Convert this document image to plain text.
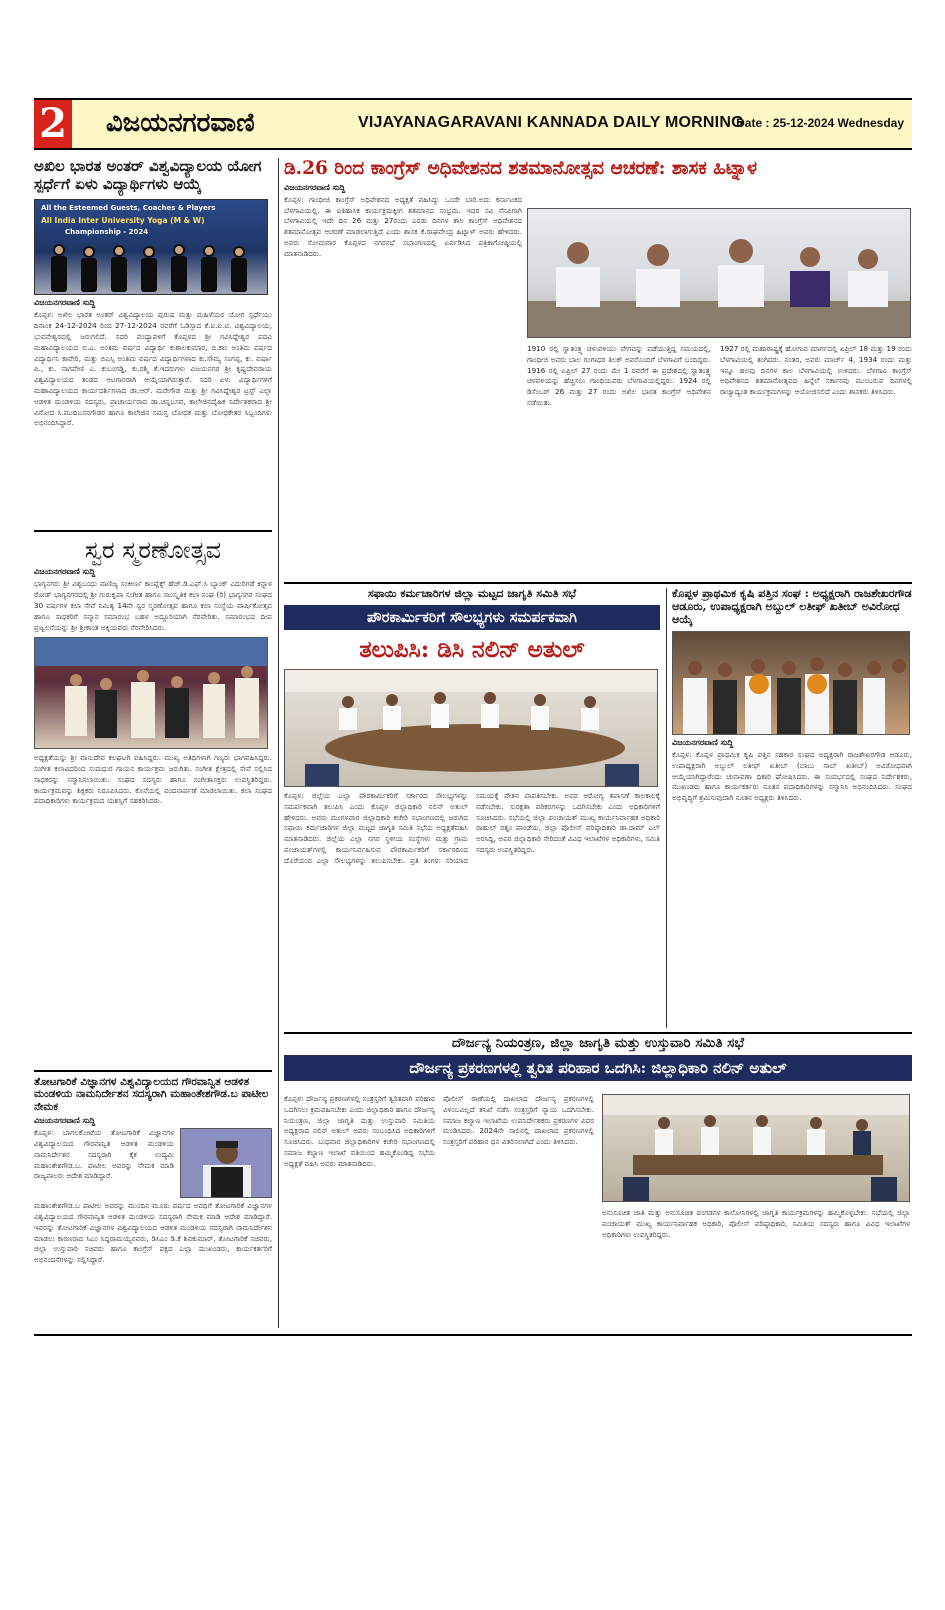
2 ವಿಜಯನಗರವಾಣಿ	VIJAYANAGARAVANI KANNADA DAILY MORNING
Date : 25-12-2024 Wednesday
ಅಖಿಲ ಭಾರತ ಅಂತರ್ ವಿಶ್ವವಿದ್ಯಾಲಯ ಯೋಗ ಸ್ಪರ್ಧೆಗೆ ಏಳು ವಿದ್ಯಾರ್ಥಿಗಳು ಆಯ್ಕೆ
All the Esteemed Guests, Coaches & Players
All India Inter University Yoga (M & W)
Championship - 2024
ವಿಜಯನಗರವಾಣಿ ಸುದ್ದಿ
ಕೊಪ್ಪಳ: ಅಖಿಲ ಭಾರತ ಅಂತರ್ ವಿಶ್ವವಿದ್ಯಾಲಯ ಪುರುಷ ಮತ್ತು ಮಹಿಳೆಯರ ಯೋಗ ಸ್ಪರ್ಧೆಯು ದಿನಾಂಕ 24-12-2024 ರಿಂದ 27-12-2024 ರವರೆಗೆ ಓಡಿಸ್ಸಾದ ಕೆ.ಐ.ಐ.ಟಿ. ವಿಶ್ವವಿದ್ಯಾಲಯ, ಭುವನೇಶ್ವರದಲ್ಲಿ ಜರುಗಲಿದೆ. ಸದರಿ ಪಂದ್ಯಾವಳಿಗೆ ಕೊಪ್ಪಳದ ಶ್ರೀ ಗವಿಸಿದ್ದೇಶ್ವರ ಪದವಿ ಮಹಾವಿದ್ಯಾಲಯದ ಬಿ.ಎ. ಅಂತಿಮ ವರ್ಷದ ವಿದ್ಯಾರ್ಥಿ ಕುಶಾಲಕುಮಾರ, ಬಿ.ಕಾಂ ಅಂತಿಮ ವರ್ಷದ ವಿದ್ಯಾರ್ಥಿನಿ ಕಾವೇರಿ, ಮತ್ತು ಬಿಎಸ್ಸಿ ಅಂತಿಮ ವರ್ಷದ ವಿದ್ಯಾರ್ಥಿಗಳಾದ ಕು.ಸೌಮ್ಯ ಸಂಗಪ್ಪ, ಕು. ವರ್ಷಾ ಪಿ., ಕು. ನಾಗವೇಣಿ ಎ. ಕುಬಂಗಡ್ಡಿ, ಕು.ರಶ್ಮಿ ಕೆ.ಇದರುಗಳು ವಿಜಯನಗರ ಶ್ರೀ ಕೃಷ್ಣದೇವರಾಯ ವಿಶ್ವವಿದ್ಯಾಲಯದ ತಂಡದ ಆಟಗಾರರಾಗಿ ಆಯ್ಕೆಯಾಗಿರುತ್ತಾರೆ. ಸದರಿ ಏಳು ವಿದ್ಯಾರ್ಥಿಗಳಿಗೆ ಮಹಾವಿದ್ಯಾಲಯದ ಕಾರ್ಯದರ್ಶಿಗಳಾದ ಡಾ.ಆರ್. ಮರೇಗೌಡ ಮತ್ತು ಶ್ರೀ ಗವಿಸಿದ್ದೇಶ್ವರ ಟ್ರಸ್ಟ್ ಎಲ್ಲಾ ಆಡಳಿತ ಮಂಡಳಿಯ ಸದಸ್ಯರು, ಪ್ರಾಚಾರ್ಯರಾದ ಡಾ.ಚನ್ನಬಸವ, ಕಾಲೇಜಿನದೈಹಿಕ ನಿರ್ದೇಶಕರಾದ ಶ್ರೀ ವಿನೋದ ಸಿ.ಮುದಿಬಸನಗೌಡರ ಹಾಗೂ ಕಾಲೇಜಿನ ಸಮಸ್ತ ಬೋಧಕ ಮತ್ತು ಬೋಧಕೇತರ ಸಿಬ್ಬಂದಿಗಳು ಅಭಿನಂದಿಸಿದ್ದಾರೆ.
ಸ್ವರ ಸ್ಮರಣೋತ್ಸವ
ವಿಜಯನಗರವಾಣಿ ಸುದ್ದಿ
ಭಾಗ್ಯನಗರ: ಶ್ರೀ ವಿಶ್ವಬಂಧು ವಾಣಿಜ್ಯ ಸಂಕೀರ್ಣ ಕಾಂಪ್ಲೆಕ್ಸ್ ಹೆಚ್.ಡಿ.ಎಫ್.ಸಿ ಬ್ಯಾಂಕ್ ಎದುರಿಗಡೆ ಕಿನ್ನಾಳ ರೋಡ್ ಭಾಗ್ಯನಗರದಲ್ಲಿ ಶ್ರೀ ಗುರುಕೃಪಾ ಸಂಗೀತ ಹಾಗೂ ಸಾಂಸ್ಕೃತಿಕ ಕಲಾ ಸಂಘ (ರಿ) ಭಾಗ್ಯನಗರ ಸಂಘದ 30 ವರ್ಷಗಳ ಕಲಾ ಸೇವೆ ನಿಮಿತ್ಯ 14ನೇ ಸ್ವರ ಸ್ಮರಣೋತ್ಸವ ಹಾಗೂ ಕಲಾ ಸಂಸ್ಥೆಯ ವಾರ್ಷಿಕೋತ್ಸವ ಹಾಗೂ ಸಾಧಕರಿಗೆ ಸನ್ಮಾನ ಸಮಾರಂಭ ಬಹಳ ಅದ್ದೂರಿಯಾಗಿ ನೆರವೇರಿತು. ಸಮಾರಂಭದ ದೀಪ ಪ್ರಜ್ವಲನೆಯನ್ನು ಶ್ರೀ ಶ್ರೀಕಾಂತ ಅಕ್ಕಿಯವರು ನೆರವೇರಿಸಿದರು.
ಅಧ್ಯಕ್ಷತೆಯನ್ನು ಶ್ರೀ ವಾಸುದೇವ ಕಲಘಟಗಿ ವಹಿಸಿದ್ದರು. ಮುಖ್ಯ ಅತಿಥಿಗಳಾಗಿ ಗಣ್ಯರು ಭಾಗವಹಿಸಿದ್ದರು. ಸಂಗೀತ ಕಲಾವಿದರಿಂದ ಸುಮಧುರ ಗಾಯನ ಕಾರ್ಯಕ್ರಮ ಜರುಗಿತು. ಸಂಗೀತ ಕ್ಷೇತ್ರದಲ್ಲಿ ಸೇವೆ ಸಲ್ಲಿಸಿದ ಸಾಧಕರನ್ನು ಸನ್ಮಾನಿಸಲಾಯಿತು. ಸಂಘದ ಸದಸ್ಯರು ಹಾಗೂ ಸಂಗೀತಾಸಕ್ತರು ಉಪಸ್ಥಿತರಿದ್ದರು. ಕಾರ್ಯಕ್ರಮವನ್ನು ಶಿಕ್ಷಕರು ನಿರೂಪಿಸಿದರು. ಕೊನೆಯಲ್ಲಿ ವಂದನಾರ್ಪಣೆ ಮಾಡಲಾಯಿತು. ಕಲಾ ಸಂಘದ ಪದಾಧಿಕಾರಿಗಳು ಕಾರ್ಯಕ್ರಮದ ಯಶಸ್ಸಿಗೆ ಸಹಕರಿಸಿದರು.
ತೋಟಗಾರಿಕೆ ವಿಜ್ಞಾನಗಳ ವಿಶ್ವವಿದ್ಯಾಲಯದ ಗೌರವಾನ್ವಿತ ಆಡಳಿತ ಮಂಡಳಿಯ ನಾಮನಿರ್ದೇಶನ ಸದಸ್ಯರಾಗಿ ಮಹಾಂತೇಶಗೌಡ.ಬ ಪಾಟೀಲ ನೇಮಕ
ವಿಜಯನಗರವಾಣಿ ಸುದ್ದಿ
ಕೊಪ್ಪಳ: ಬಾಗಲಕೋಟೆಯ ತೋಟಗಾರಿಕೆ ವಿಜ್ಞಾನಗಳ ವಿಶ್ವವಿದ್ಯಾಲಯದ ಗೌರವಾನ್ವಿತ ಆಡಳಿತ ಮಂಡಳಿಯ ನಾಮನಿರ್ದೇಶನ ಸದಸ್ಯರಾಗಿ ಕೈಕ ಉದ್ಯಮಿ ಮಹಾಂತೇಶಗೌಡ.ಬ. ಪಾಟೀಲ ಅವರನ್ನು ನೇಮಕ ಮಾಡಿ ರಾಜ್ಯಪಾಲರು ಆದೇಶ ಮಾಡಿದ್ದಾರೆ.
ಮಹಾಂತೇಶಗೌಡ.ಬ ಪಾಟೀಲ ಅವರನ್ನು ಮುಂದಿನ ಮೂರು ವರ್ಷದ ಅವಧಿಗೆ ತೋಟಗಾರಿಕೆ ವಿಜ್ಞಾನಗಳ ವಿಶ್ವವಿದ್ಯಾಲಯದ ಗೌರವಾನ್ವಿತ ಆಡಳಿತ ಮಂಡಳಿಯ ಸದಸ್ಯರಾಗಿ ನೇಮಕ ಮಾಡಿ ಆದೇಶ ಮಾಡಿದ್ದಾರೆ. ಇವರನ್ನು ತೋಟಗಾರಿಕೆ ವಿಜ್ಞಾನಗಳ ವಿಶ್ವವಿದ್ಯಾಲಯದ ಆಡಳಿತ ಮಂಡಳಿಯ ಸದಸ್ಯರಾಗಿ ನಾಮನಿರ್ದೇಶನ ಮಾಡಲು ಕಾರಣರಾದ ಸಿಎಂ ಸಿದ್ದರಾಮಯ್ಯನವರು, ಡಿಸಿಎಂ ಡಿ.ಕೆ ಶಿವಕುಮಾರ್, ತೋಟಗಾರಿಕೆ ಸಚಿವರು, ಜಿಲ್ಲಾ ಉಸ್ತುವಾರಿ ಸಚಿವರು ಹಾಗೂ ಕಾಂಗ್ರೆಸ್ ಪಕ್ಷದ ಎಲ್ಲಾ ಮುಖಂಡರು, ಕಾರ್ಯಕರ್ತರಿಗೆ ಅಭಿನಂದನೆಗಳನ್ನು ಸಲ್ಲಿಸಿದ್ದಾರೆ.
ಡಿ.26 ರಿಂದ ಕಾಂಗ್ರೆಸ್ ಅಧಿವೇಶನದ ಶತಮಾನೋತ್ಸವ ಆಚರಣೆ: ಶಾಸಕ ಹಿಟ್ನಾಳ
ವಿಜಯನಗರವಾಣಿ ಸುದ್ದಿ
ಕೊಪ್ಪಳ: ಗಾಂಧೀಜಿ ಕಾಂಗ್ರೆಸ್ ಅಧಿವೇಶನದ ಅಧ್ಯಕ್ಷತೆ ವಹಿಸಿದ್ದು ಒಂದೇ ಬಾರಿ.ಅದು ಕರ್ನಾಟಕದ ಬೆಳಗಾವಿಯಲ್ಲಿ. ಈ ಐತಿಹಾಸಿಕ ಕಾರ್ಯಕ್ರಮಕ್ಕೀಗ ಶತಮಾನದ ಸಂಭ್ರಮ. ಇದರ ಸವಿ ನೆನಪಿಗಾಗಿ ಬೆಳಗಾವಿಯಲ್ಲಿ ಇದೇ ದಿನ 26 ಮತ್ತು 27ರಂದು ಎರಡು ದಿನಗಳ ಕಾಲ ಕಾಂಗ್ರೆಸ್ ಅಧಿವೇಶನದ ಶತಮಾನೋತ್ಸವ ಆಚರಣೆ ಮಾಡಲಾಗುತ್ತಿದೆ ಎಂದು ಶಾಸಕ ಕೆ.ರಾಘವೇಂದ್ರ ಹಿಟ್ನಾಳ್ ಅವರು ಹೇಳಿದರು. ಅವರು ಸೋಮವಾರ ಕೊಪ್ಪಳದ ನಗರಸಭೆ ಸಭಾಂಗಣದಲ್ಲಿ ಏರ್ಪಡಿಸಿದ ಪತ್ರಿಕಾಗೋಷ್ಠಿಯಲ್ಲಿ ಮಾತನಾಡಿದರು.
1910 ರಲ್ಲಿ ಸ್ವಾತಂತ್ರ್ಯ ಚಳುವಳಿಯು ವೇಗವನ್ನು ಪಡೆಯುತ್ತಿದ್ದ ಸಮಯದಲ್ಲಿ, ಗಾಂಧೀಜಿ ಅವರು ಬಾಲ ಗಂಗಾಧರ ತಿಲಕ್ ಅವರೊಂದಿಗೆ ಬೆಳಗಾವಿಗೆ ಬಂದಿದ್ದರು. 1916 ರಲ್ಲಿ ಏಪ್ರಿಲ್ 27 ರಂದು ಮೇ 1 ರವರೆಗೆ ಈ ಪ್ರದೇಶದಲ್ಲಿ ಸ್ವಾತಂತ್ರ್ಯ ಚಳವಳಿಯನ್ನು ಹೆಚ್ಚಿಸಲು ಗಾಂಧಿಯವರು ಬೆಳಗಾವಿಯಲ್ಲಿದ್ದರು. 1924 ರಲ್ಲಿ ಡಿಸೆಂಬರ್ 26 ಮತ್ತು 27 ರಂದು ಅಖಿಲ ಭಾರತ ಕಾಂಗ್ರೆಸ್ ಅಧಿವೇಶನ ನಡೆಯಿತು.
1927 ರಲ್ಲಿ ಮಹಾರಾಷ್ಟ್ರಕ್ಕೆ ಹೋಗುವ ಮಾರ್ಗದಲ್ಲಿ ಏಪ್ರಿಲ್ 18 ಮತ್ತು 19 ರಂದು ಬೆಳಗಾವಿಯಲ್ಲಿ ತಂಗಿದರು. ನಂತರ, ಅವರು ಮಾರ್ಚ್ 4, 1934 ರಂದು ಮತ್ತು ಇನ್ನೂ ಹಲವು ದಿನಗಳ ಕಾಲ ಬೆಳಗಾವಿಯಲ್ಲಿ ಉಳಿದರು. ಬೆಳಗಾವಿ ಕಾಂಗ್ರೆಸ್ ಅಧಿವೇಶನದ ಶತಮಾನೋತ್ಸವದ ಹಿನ್ನೆಲೆ ಸರ್ಕಾರವು ಮುಂಬರುವ ದಿನಗಳಲ್ಲಿ ರಾಜ್ಯಾದ್ಯಂತ ಕಾರ್ಯಕ್ರಮಗಳನ್ನು ಆಯೋಜಿಸಲಿದೆ ಎಂದು ಶಾಸಕರು ತಿಳಿಸಿದರು.
ಸಫಾಯಿ ಕರ್ಮಚಾರಿಗಳ ಜಿಲ್ಲಾ ಮಟ್ಟದ ಜಾಗೃತಿ ಸಮಿತಿ ಸಭೆ
ಪೌರಕಾರ್ಮಿಕರಿಗೆ ಸೌಲಭ್ಯಗಳು ಸಮರ್ಪಕವಾಗಿ
ತಲುಪಿಸಿ: ಡಿಸಿ ನಲಿನ್ ಅತುಲ್
ಕೊಪ್ಪಳ: ಜಿಲ್ಲೆಯ ಎಲ್ಲಾ ಪೌರಕಾರ್ಮಿಕರಿಗೆ ಸರ್ಕಾರದ ಸೌಲಭ್ಯಗಳನ್ನು ಸಮರ್ಪಕವಾಗಿ ತಲುಪಿಸಿ ಎಂದು ಕೊಪ್ಪಳ ಜಿಲ್ಲಾಧಿಕಾರಿ ನಲಿನ್ ಅತುಲ್ ಹೇಳಿದರು. ಅವರು ಮಂಗಳವಾರ ಜಿಲ್ಲಾಧಿಕಾರಿ ಕಚೇರಿ ಸಭಾಂಗಣದಲ್ಲಿ ಜರುಗಿದ ಸಫಾಯಿ ಕರ್ಮಚಾರಿಗಳ ಜಿಲ್ಲಾ ಮಟ್ಟದ ಜಾಗೃತಿ ಸಮಿತಿ ಸಭೆಯ ಅಧ್ಯಕ್ಷತೆವಹಿಸಿ ಮಾತನಾಡಿದರು. ಜಿಲ್ಲೆಯ ಎಲ್ಲಾ ನಗರ ಸ್ಥಳೀಯ ಸಂಸ್ಥೆಗಳು ಮತ್ತು ಗ್ರಾಮ ಪಂಚಾಯತ್‌ಗಳಲ್ಲಿ ಕಾರ್ಯನಿರ್ವಹಿಸುವ ಪೌರಕಾರ್ಮಿಕರಿಗೆ ಸರ್ಕಾರದಿಂದ ದೊರೆಯುವ ಎಲ್ಲಾ ಸೌಲಭ್ಯಗಳನ್ನು ತಲುಪಿಸಬೇಕು. ಪ್ರತಿ ತಿಂಗಳು ಸರಿಯಾದ ಸಮಯಕ್ಕೆ ವೇತನ ಪಾವತಿಸಬೇಕು. ಅವರ ಆರೋಗ್ಯ ತಪಾಸಣೆ ಕಾಲಕಾಲಕ್ಕೆ ನಡೆಸಬೇಕು. ಸುರಕ್ಷತಾ ಪರಿಕರಗಳನ್ನು ಒದಗಿಸಬೇಕು ಎಂದು ಅಧಿಕಾರಿಗಳಿಗೆ ಸೂಚಿಸಿದರು. ಸಭೆಯಲ್ಲಿ ಜಿಲ್ಲಾ ಪಂಚಾಯತ್ ಮುಖ್ಯ ಕಾರ್ಯನಿರ್ವಾಹಕ ಅಧಿಕಾರಿ ರಾಹುಲ್ ರತ್ನಂ ಪಾಂಡೆಯ, ಜಿಲ್ಲಾ ಪೊಲೀಸ್ ವರಿಷ್ಠಾಧಿಕಾರಿ ಡಾ.ರಾಮ್ ಎಲ್ ಅರಸಿದ್ದಿ, ಅಪರ ಜಿಲ್ಲಾಧಿಕಾರಿ ಸೇರಿದಂತೆ ವಿವಿಧ ಇಲಾಖೆಗಳ ಅಧಿಕಾರಿಗಳು, ಸಮಿತಿ ಸದಸ್ಯರು ಉಪಸ್ಥಿತರಿದ್ದರು.
ಕೊಪ್ಪಳ ಪ್ರಾಥಮಿಕ ಕೃಷಿ ಪತ್ತಿನ ಸಂಘ : ಅಧ್ಯಕ್ಷರಾಗಿ ರಾಜಶೇಖರಗೌಡ ಆಡೂರು, ಉಪಾಧ್ಯಕ್ಷರಾಗಿ ಅಬ್ದುಲ್ ಲತೀಫ್ ಖತೀಬ್ ಅವಿರೋಧ ಆಯ್ಕೆ
ವಿಜಯನಗರವಾಣಿ ಸುದ್ದಿ
ಕೊಪ್ಪಳ: ಕೊಪ್ಪಳ ಪ್ರಾಥಮಿಕ ಕೃಷಿ ಪತ್ತಿನ ಸಹಕಾರ ಸಂಘದ ಅಧ್ಯಕ್ಷರಾಗಿ ರಾಜಶೇಖರಗೌಡ ಆಡೂರು, ಉಪಾಧ್ಯಕ್ಷರಾಗಿ ಅಬ್ದುಲ್ ಲತೀಫ್ ಖತೀಬ್ (ಬಾಬು ಸಾಬ್ ಖತೀಬ್) ಅವಿರೋಧವಾಗಿ ಆಯ್ಕೆಯಾಗಿದ್ದಾರೆಂದು ಚುನಾವಣಾ ಧಿಕಾರಿ ಘೋಷಿಸಿದರು. ಈ ಸಂದರ್ಭದಲ್ಲಿ ಸಂಘದ ನಿರ್ದೇಶಕರು, ಮುಖಂಡರು ಹಾಗೂ ಕಾರ್ಯಕರ್ತರು ನೂತನ ಪದಾಧಿಕಾರಿಗಳನ್ನು ಸನ್ಮಾನಿಸಿ ಅಭಿನಂದಿಸಿದರು. ಸಂಘದ ಅಭಿವೃದ್ಧಿಗೆ ಶ್ರಮಿಸುವುದಾಗಿ ನೂತನ ಅಧ್ಯಕ್ಷರು ತಿಳಿಸಿದರು.
ದೌರ್ಜನ್ಯ ನಿಯಂತ್ರಣ, ಜಿಲ್ಲಾ ಜಾಗೃತಿ ಮತ್ತು ಉಸ್ತುವಾರಿ ಸಮಿತಿ ಸಭೆ
ದೌರ್ಜನ್ಯ ಪ್ರಕರಣಗಳಲ್ಲಿ ತ್ವರಿತ ಪರಿಹಾರ ಒದಗಿಸಿ: ಜಿಲ್ಲಾಧಿಕಾರಿ ನಲಿನ್ ಅತುಲ್
ಕೊಪ್ಪಳ: ದೌರ್ಜನ್ಯ ಪ್ರಕರಣಗಳಲ್ಲಿ ಸಂತ್ರಸ್ತರಿಗೆ ತ್ವರಿತವಾಗಿ ಪರಿಹಾರ ಒದಗಿಸಲು ಕ್ರಮವಹಿಸಬೇಕು ಎಂದು ಜಿಲ್ಲಾಧಿಕಾರಿ ಹಾಗೂ ದೌರ್ಜನ್ಯ ನಿಯಂತ್ರಣ, ಜಿಲ್ಲಾ ಜಾಗೃತಿ ಮತ್ತು ಉಸ್ತುವಾರಿ ಸಮಿತಿಯ ಅಧ್ಯಕ್ಷರಾದ ನಲಿನ್ ಅತುಲ್ ಅವರು ಸಂಬಂಧಿಸಿದ ಅಧಿಕಾರಿಗಳಿಗೆ ಸೂಚಿಸಿದರು. ಬುಧವಾರ ಜಿಲ್ಲಾಧಿಕಾರಿಗಳ ಕಚೇರಿ ಸಭಾಂಗಣದಲ್ಲಿ ಸಮಾಜ ಕಲ್ಯಾಣ ಇಲಾಖೆ ವತಿಯಿಂದ ಹಮ್ಮಿಕೊಂಡಿದ್ದ ಸಭೆಯ ಅಧ್ಯಕ್ಷತೆ ವಹಿಸಿ ಅವರು ಮಾತನಾಡಿದರು.

ಪೊಲೀಸ್ ಠಾಣೆಯಲ್ಲಿ ದಾಖಲಾದ ದೌರ್ಜನ್ಯ ಪ್ರಕರಣಗಳಲ್ಲಿ ವಿಳಂಬವಿಲ್ಲದೆ ತನಿಖೆ ನಡೆಸಿ ಸಂತ್ರಸ್ತರಿಗೆ ನ್ಯಾಯ ಒದಗಿಸಬೇಕು. ಸಮಾಜ ಕಲ್ಯಾಣ ಇಲಾಖೆಯ ಉಪನಿರ್ದೇಶಕರು ಪ್ರಕರಣಗಳ ವಿವರ ಮಂಡಿಸಿದರು. 2024ನೇ ಸಾಲಿನಲ್ಲಿ ದಾಖಲಾದ ಪ್ರಕರಣಗಳಲ್ಲಿ ಸಂತ್ರಸ್ತರಿಗೆ ಪರಿಹಾರ ಧನ ವಿತರಿಸಲಾಗಿದೆ ಎಂದು ತಿಳಿಸಿದರು.
ಅನುಸೂಚಿತ ಜಾತಿ ಮತ್ತು ಅನುಸೂಚಿತ ಪಂಗಡಗಳ ಕಾಲೋನಿಗಳಲ್ಲಿ ಜಾಗೃತಿ ಕಾರ್ಯಕ್ರಮಗಳನ್ನು ಹಮ್ಮಿಕೊಳ್ಳಬೇಕು. ಸಭೆಯಲ್ಲಿ ಜಿಲ್ಲಾ ಪಂಚಾಯತ್ ಮುಖ್ಯ ಕಾರ್ಯನಿರ್ವಾಹಕ ಅಧಿಕಾರಿ, ಪೊಲೀಸ್ ವರಿಷ್ಠಾಧಿಕಾರಿ, ಸಮಿತಿಯ ಸದಸ್ಯರು ಹಾಗೂ ವಿವಿಧ ಇಲಾಖೆಗಳ ಅಧಿಕಾರಿಗಳು ಉಪಸ್ಥಿತರಿದ್ದರು.
